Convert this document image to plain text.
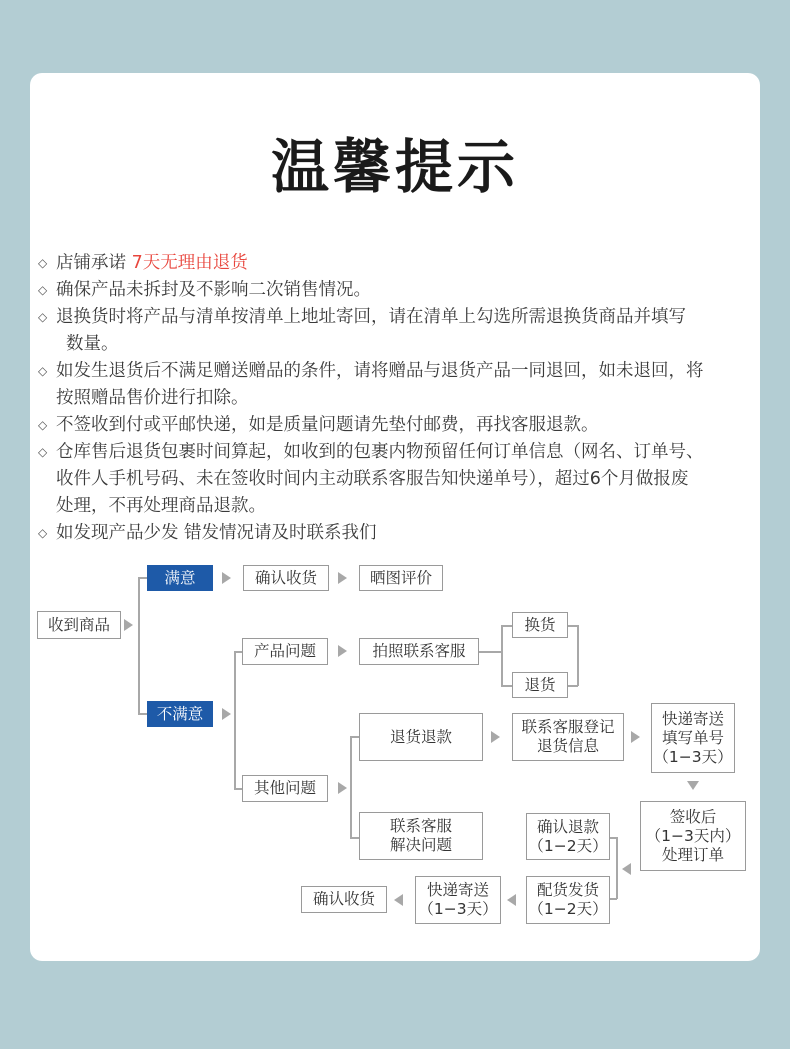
温馨提示
◇ 店铺承诺 7天无理由退货
◇ 确保产品未拆封及不影响二次销售情况。
◇ 退换货时将产品与清单按清单上地址寄回，请在清单上勾选所需退换货商品并填写
数量。
◇ 如发生退货后不满足赠送赠品的条件，请将赠品与退货产品一同退回，如未退回，将
按照赠品售价进行扣除。
◇ 不签收到付或平邮快递，如是质量问题请先垫付邮费，再找客服退款。
◇ 仓库售后退货包裹时间算起，如收到的包裹内物预留任何订单信息（网名、订单号、
收件人手机号码、未在签收时间内主动联系客服告知快递单号），超过6个月做报废
处理，不再处理商品退款。
◇ 如发现产品少发 错发情况请及时联系我们
收到商品
满意	确认收货	晒图评价
不满意
产品问题	拍照联系客服
换货
退货
其他问题
退货退款
联系客服登记
退货信息
快递寄送
填写单号
（1−3天）
签收后
（1−3天内）
处理订单
联系客服
解决问题
确认退款
（1−2天）
配货发货
（1−2天）
快递寄送
（1−3天）
确认收货
